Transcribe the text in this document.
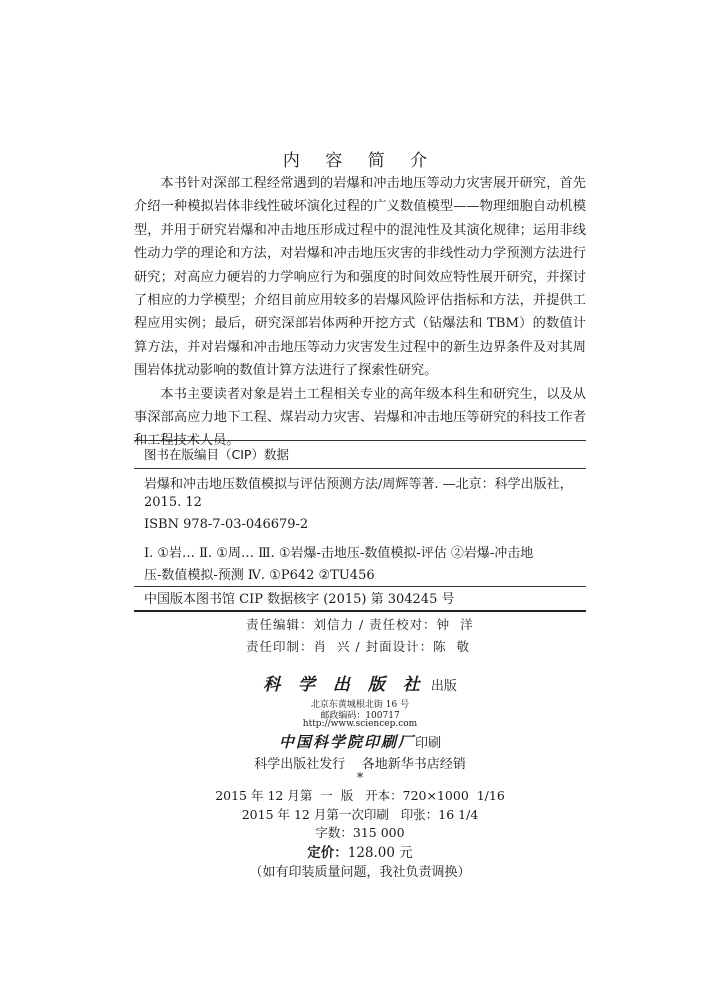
内 容 简 介

本书针对深部工程经常遇到的岩爆和冲击地压等动力灾害展开研究，首先介绍一种模拟岩体非线性破坏演化过程的广义数值模型——物理细胞自动机模型，并用于研究岩爆和冲击地压形成过程中的混沌性及其演化规律；运用非线性动力学的理论和方法，对岩爆和冲击地压灾害的非线性动力学预测方法进行研究；对高应力硬岩的力学响应行为和强度的时间效应特性展开研究，并探讨了相应的力学模型；介绍目前应用较多的岩爆风险评估指标和方法，并提供工程应用实例；最后，研究深部岩体两种开挖方式（钻爆法和 TBM）的数值计算方法，并对岩爆和冲击地压等动力灾害发生过程中的新生边界条件及对其周围岩体扰动影响的数值计算方法进行了探索性研究。

本书主要读者对象是岩土工程相关专业的高年级本科生和研究生，以及从事深部高应力地下工程、煤岩动力灾害、岩爆和冲击地压等研究的科技工作者和工程技术人员。

图书在版编目（CIP）数据
岩爆和冲击地压数值模拟与评估预测方法/周辉等著. —北京：科学出版社，
2015. 12
ISBN 978-7-03-046679-2
Ⅰ. ①岩… Ⅱ. ①周… Ⅲ. ①岩爆-击地压-数值模拟-评估 ②岩爆-冲击地
压-数值模拟-预测 Ⅳ. ①P642 ②TU456
中国版本图书馆 CIP 数据核字 (2015) 第 304245 号
责任编辑：刘信力 / 责任校对：钟  洋
责任印制：肖  兴 / 封面设计：陈  敬
科 学 出 版 社 出版
北京东黄城根北街 16 号
邮政编码：100717
http://www.sciencep.com
中国科学院印刷厂印刷
科学出版社发行    各地新华书店经销
*
2015 年 12 月第  一  版   开本：720×1000  1/16
2015 年 12 月第一次印刷   印张：16 1/4
字数：315 000
定价：128.00 元
（如有印装质量问题，我社负责调换）
